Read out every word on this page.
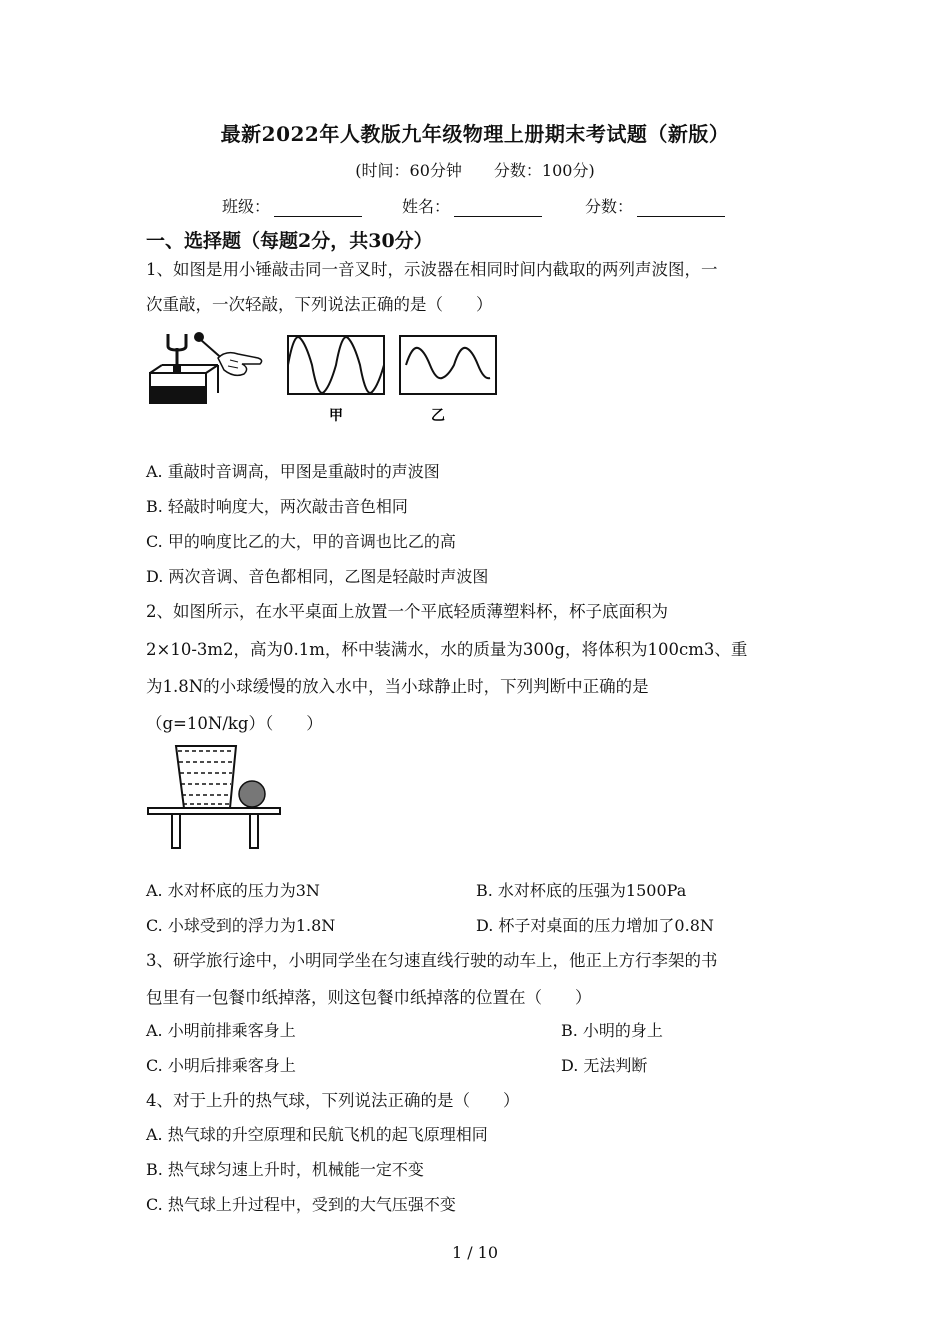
最新2022年人教版九年级物理上册期末考试题（新版）
(时间：60分钟　　分数：100分)
班级：	姓名：	分数：
一、选择题（每题2分，共30分）
1、如图是用小锤敲击同一音叉时，示波器在相同时间内截取的两列声波图，一
次重敲，一次轻敲，下列说法正确的是（　　）
甲	乙
A. 重敲时音调高，甲图是重敲时的声波图
B. 轻敲时响度大，两次敲击音色相同
C. 甲的响度比乙的大，甲的音调也比乙的高
D. 两次音调、音色都相同，乙图是轻敲时声波图
2、如图所示，在水平桌面上放置一个平底轻质薄塑料杯，杯子底面积为
2×10-3m2，高为0.1m，杯中装满水，水的质量为300g，将体积为100cm3、重
为1.8N的小球缓慢的放入水中，当小球静止时，下列判断中正确的是
（g=10N/kg）（　　）
A. 水对杯底的压力为3N	B. 水对杯底的压强为1500Pa
C. 小球受到的浮力为1.8N	D. 杯子对桌面的压力增加了0.8N
3、研学旅行途中，小明同学坐在匀速直线行驶的动车上，他正上方行李架的书
包里有一包餐巾纸掉落，则这包餐巾纸掉落的位置在（　　）
A. 小明前排乘客身上	B. 小明的身上
C. 小明后排乘客身上	D. 无法判断
4、对于上升的热气球，下列说法正确的是（　　）
A. 热气球的升空原理和民航飞机的起飞原理相同
B. 热气球匀速上升时，机械能一定不变
C. 热气球上升过程中，受到的大气压强不变
1 / 10
